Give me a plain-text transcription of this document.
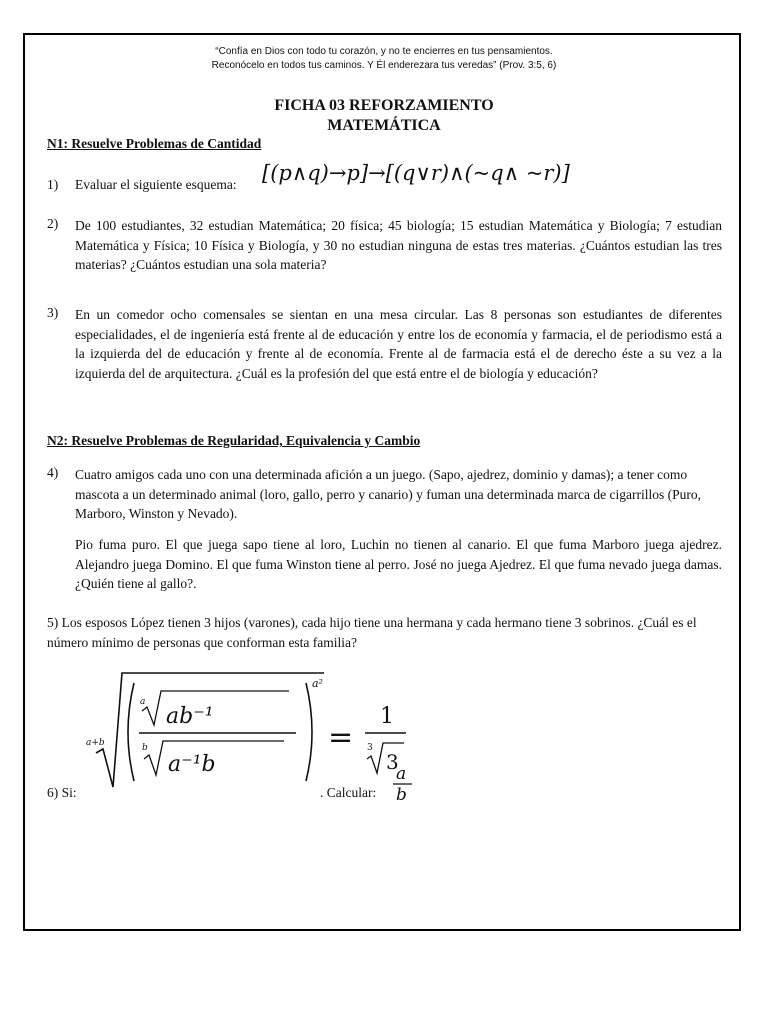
“Confía en Dios con todo tu corazón, y no te encierres en tus pensamientos.
Reconócelo en todos tus caminos. Y Él enderezara tus veredas” (Prov. 3:5, 6)
FICHA 03 REFORZAMIENTO
MATEMÁTICA
N1: Resuelve Problemas de Cantidad
1) Evaluar el siguiente esquema: [(p∧q)→p]→[(q∨r)∧(~q∧ ~r)]
2) De 100 estudiantes, 32 estudian Matemática; 20 física; 45 biología; 15 estudian Matemática y Biología; 7 estudian Matemática y Física; 10 Física y Biología, y 30 no estudian ninguna de estas tres materias. ¿Cuántos estudian las tres materias? ¿Cuántos estudian una sola materia?
3) En un comedor ocho comensales se sientan en una mesa circular. Las 8 personas son estudiantes de diferentes especialidades, el de ingeniería está frente al de educación y entre los de economía y farmacia, el de periodismo está a la izquierda del de educación y frente al de economía. Frente al de farmacia está el de derecho éste a su vez a la izquierda del de arquitectura. ¿Cuál es la profesión del que está entre el de biología y educación?
N2: Resuelve Problemas de Regularidad, Equivalencia y Cambio
4) Cuatro amigos cada uno con una determinada afición a un juego. (Sapo, ajedrez, dominio y damas); a tener como mascota a un determinado animal (loro, gallo, perro y canario) y fuman una determinada marca de cigarrillos (Puro, Marboro, Winston y Nevado).
Pio fuma puro. El que juega sapo tiene al loro, Luchin no tienen al canario. El que fuma Marboro juega ajedrez. Alejandro juega Domino. El que fuma Winston tiene al perro. José no juega Ajedrez. El que fuma nevado juega damas. ¿Quién tiene al gallo?.
5) Los esposos López tienen 3 hijos (varones), cada hijo tiene una hermana y cada hermano tiene 3 sobrinos. ¿Cuál es el número mínimo de personas que conforman esta familia?
6) Si:
a+b
a²
a
ab⁻¹
b
a⁻¹b
=
1
3
3
. Calcular:
a
b
